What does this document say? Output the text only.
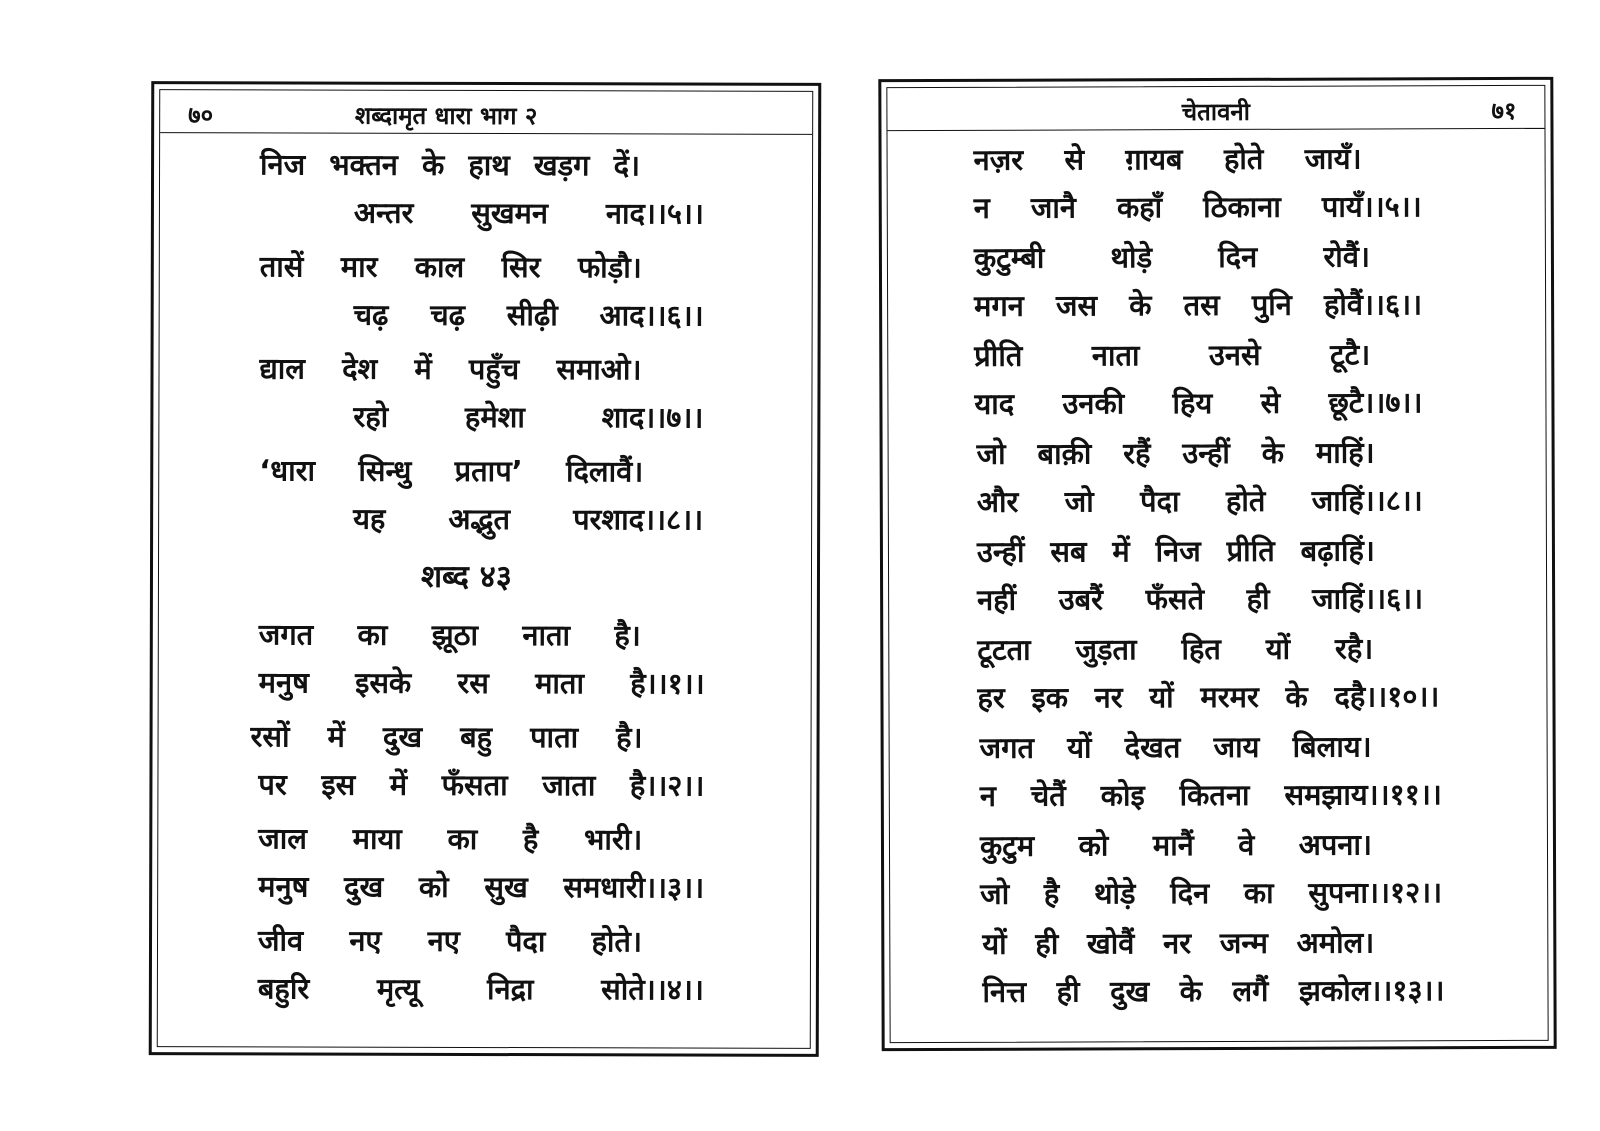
७०	शब्दामृत धारा भाग २
निज भक्तन के हाथ खड़ग दें।
अन्तर सुखमन नाद।।५।।
तासें मार काल सिर फोड़ौ।
चढ़ चढ़ सीढ़ी आद।।६।।
द्याल देश में पहुँच समाओ।
रहो	हमेशा	शाद।।७।।
‘धारा सिन्धु प्रताप’ दिलावैं।
यह अद्भुत परशाद।।८।।
शब्द ४३
जगत का झूठा नाता है।
मनुष इसके रस माता है।।१।।
रसों में दुख बहु पाता है।
पर इस में फँसता जाता है।।२।।
जाल माया का है भारी।
मनुष दुख को सुख समधारी।।३।।
जीव नए नए पैदा होते।
बहुरि मृत्यू निद्रा सोते।।४।।
चेतावनी	७१
नज़र से ग़ायब होते जायँ।
न जानै कहाँ ठिकाना पायँ।।५।।
कुटुम्बी थोड़े दिन रोवैं।
मगन जस के तस पुनि होवैं।।६।।
प्रीति नाता उनसे टूटै।
याद उनकी हिय से छूटै।।७।।
जो बाक़ी रहैं उन्हीं के माहिं।
और जो पैदा होते जाहिं।।८।।
उन्हीं सब में निज प्रीति बढ़ाहिं।
नहीं उबरैं फँसते ही जाहिं।।६।।
टूटता जुड़ता हित यों रहै।
हर इक नर यों मरमर के दहै।।१०।।
जगत यों देखत जाय बिलाय।
न चेतैं कोइ कितना समझाय।।११।।
कुटुम को मानैं वे अपना।
जो है थोड़े दिन का सुपना।।१२।।
यों ही खोवैं नर जन्म अमोल।
नित्त ही दुख के लगैं झकोल।।१३।।
